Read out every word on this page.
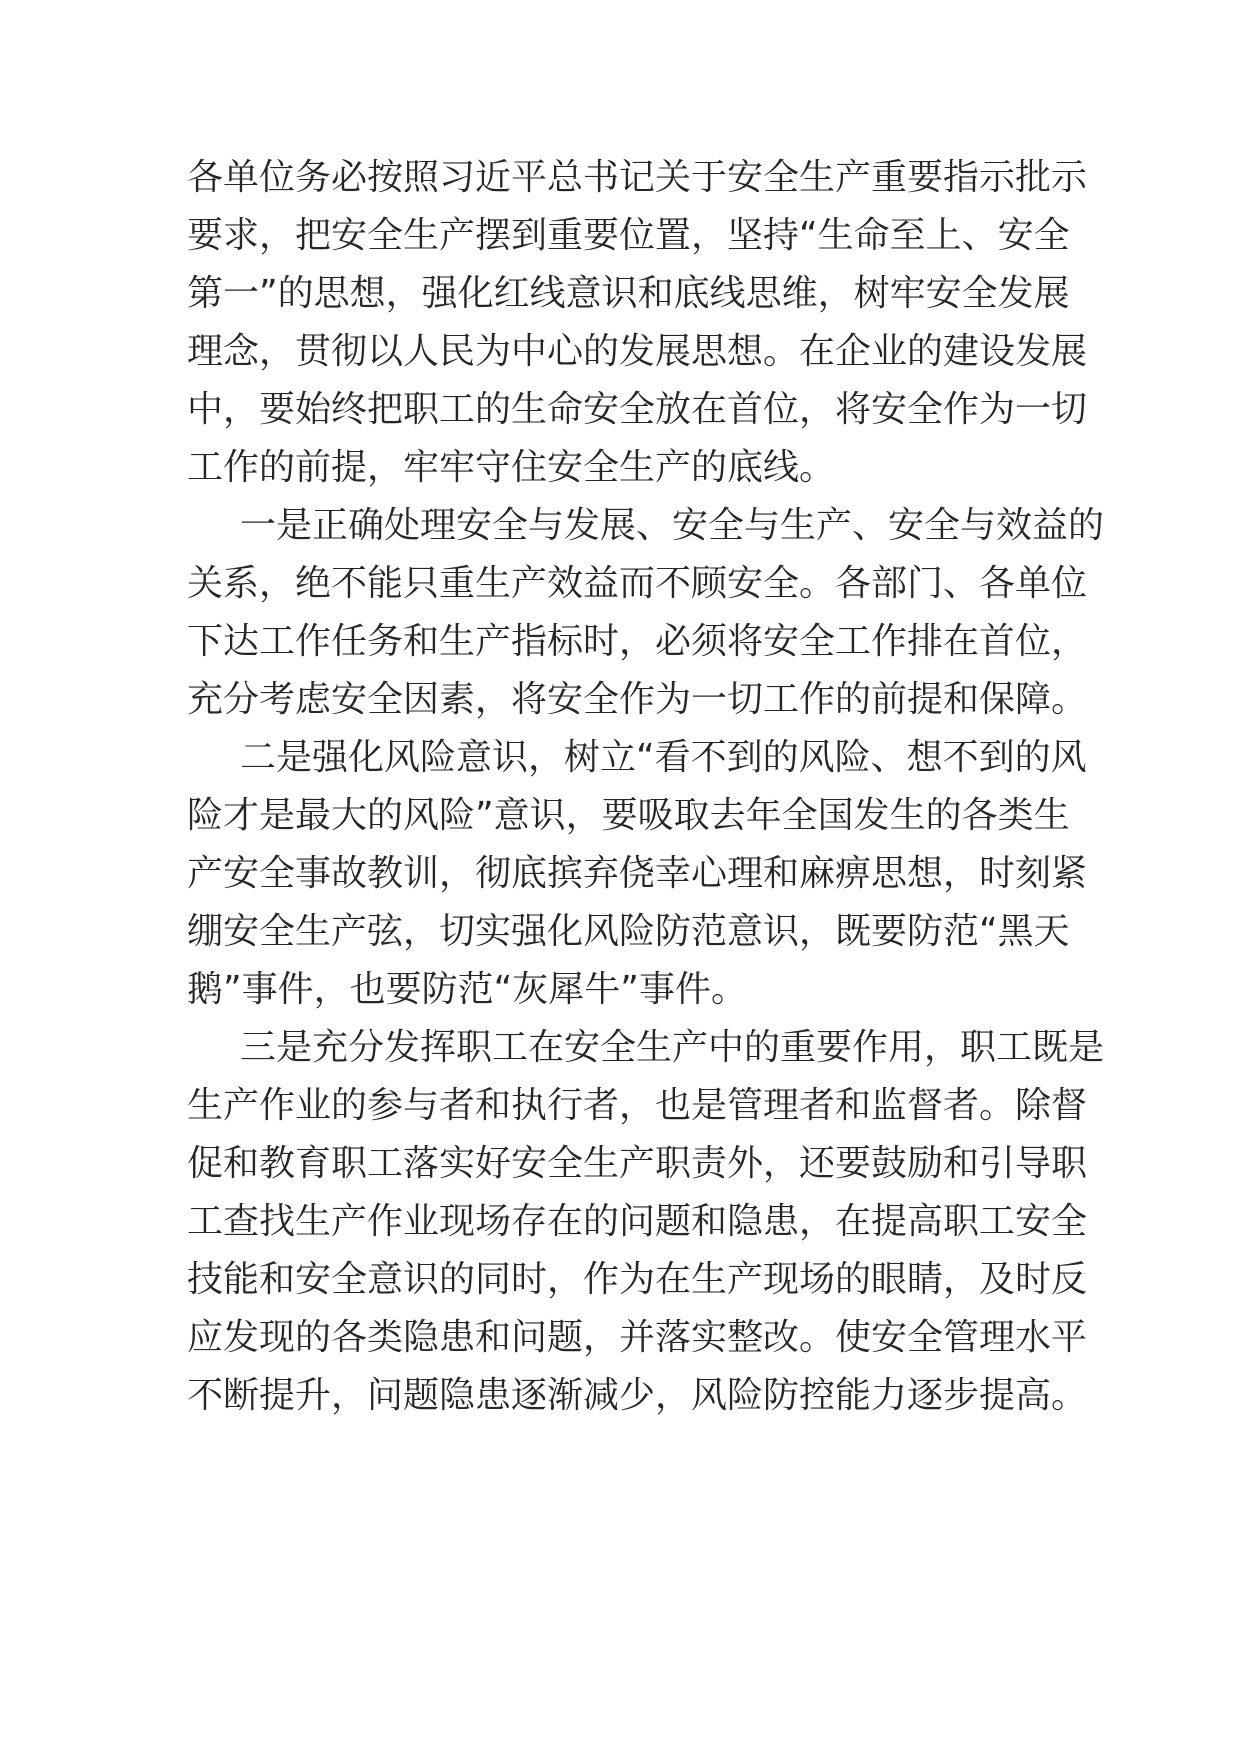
各单位务必按照习近平总书记关于安全生产重要指示批示
要求，把安全生产摆到重要位置，坚持“生命至上、安全
第一”的思想，强化红线意识和底线思维，树牢安全发展
理念，贯彻以人民为中心的发展思想。在企业的建设发展
中，要始终把职工的生命安全放在首位，将安全作为一切
工作的前提，牢牢守住安全生产的底线。
一是正确处理安全与发展、安全与生产、安全与效益的
关系，绝不能只重生产效益而不顾安全。各部门、各单位
下达工作任务和生产指标时，必须将安全工作排在首位，
充分考虑安全因素，将安全作为一切工作的前提和保障。
二是强化风险意识，树立“看不到的风险、想不到的风
险才是最大的风险”意识，要吸取去年全国发生的各类生
产安全事故教训，彻底摈弃侥幸心理和麻痹思想，时刻紧
绷安全生产弦，切实强化风险防范意识，既要防范“黑天
鹅”事件，也要防范“灰犀牛”事件。
三是充分发挥职工在安全生产中的重要作用，职工既是
生产作业的参与者和执行者，也是管理者和监督者。除督
促和教育职工落实好安全生产职责外，还要鼓励和引导职
工查找生产作业现场存在的问题和隐患，在提高职工安全
技能和安全意识的同时，作为在生产现场的眼睛，及时反
应发现的各类隐患和问题，并落实整改。使安全管理水平
不断提升，问题隐患逐渐减少，风险防控能力逐步提高。
